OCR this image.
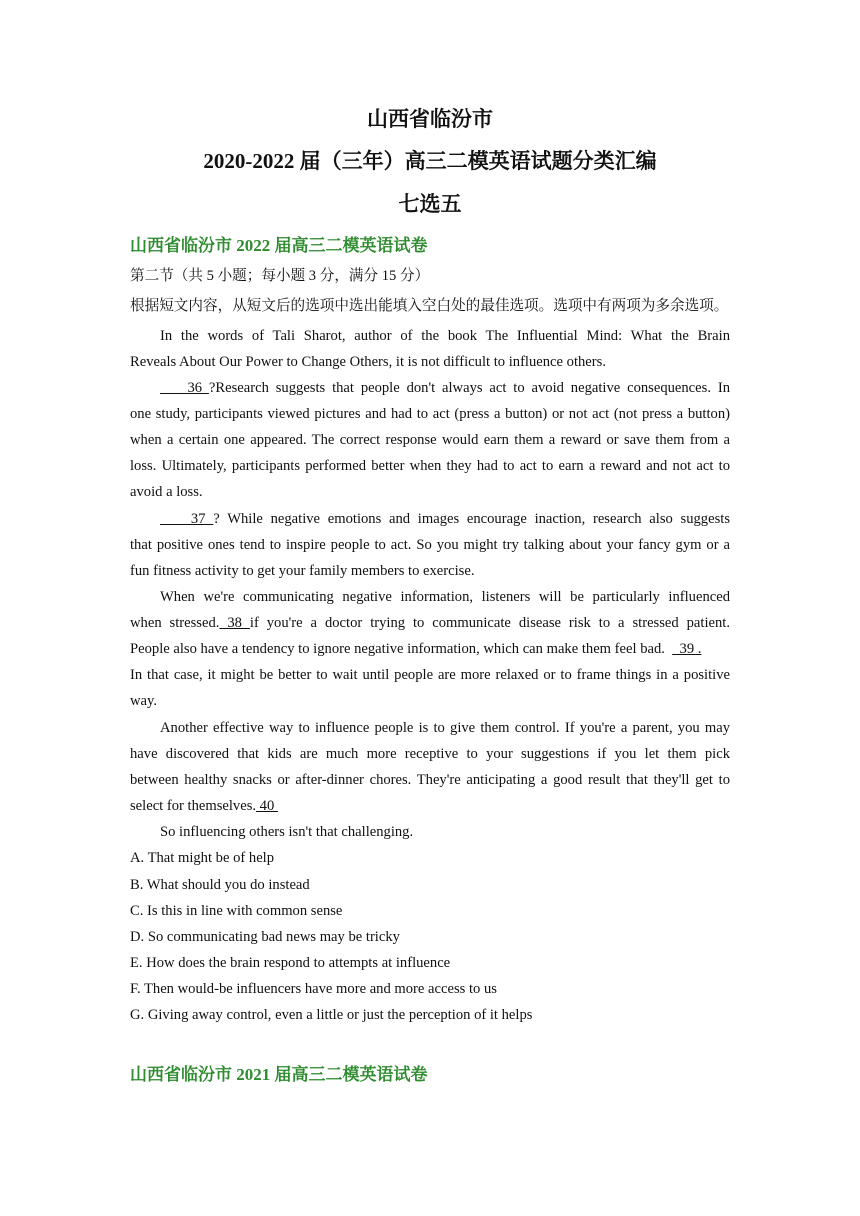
山西省临汾市
2020-2022 届（三年）高三二模英语试题分类汇编
七选五
山西省临汾市 2022 届高三二模英语试卷
第二节（共 5 小题；每小题 3 分，满分 15 分）
根据短文内容，从短文后的选项中选出能填入空白处的最佳选项。选项中有两项为多余选项。
In the words of Tali Sharot, author of the book The Influential Mind: What the Brain
Reveals About Our Power to Change Others, it is not difficult to influence others.
36 ?Research suggests that people don't always act to avoid negative consequences. In
one study, participants viewed pictures and had to act (press a button) or not act (not press a button)
when a certain one appeared. The correct response would earn them a reward or save them from a
loss. Ultimately, participants performed better when they had to act to earn a reward and not act to
avoid a loss.
37 ? While negative emotions and images encourage inaction, research also suggests
that positive ones tend to inspire people to act. So you might try talking about your fancy gym or a
fun fitness activity to get your family members to exercise.
When we're communicating negative information, listeners will be particularly influenced
when stressed. 38 if you're a doctor trying to communicate disease risk to a stressed patient.
People also have a tendency to ignore negative information, which can make them feel bad.    39 .
In that case, it might be better to wait until people are more relaxed or to frame things in a positive
way.
Another effective way to influence people is to give them control. If you're a parent, you may
have discovered that kids are much more receptive to your suggestions if you let them pick
between healthy snacks or after-dinner chores. They're anticipating a good result that they'll get to
select for themselves. 40
So influencing others isn't that challenging.
A. That might be of help
B. What should you do instead
C. Is this in line with common sense
D. So communicating bad news may be tricky
E. How does the brain respond to attempts at influence
F. Then would-be influencers have more and more access to us
G. Giving away control, even a little or just the perception of it helps
山西省临汾市 2021 届高三二模英语试卷
